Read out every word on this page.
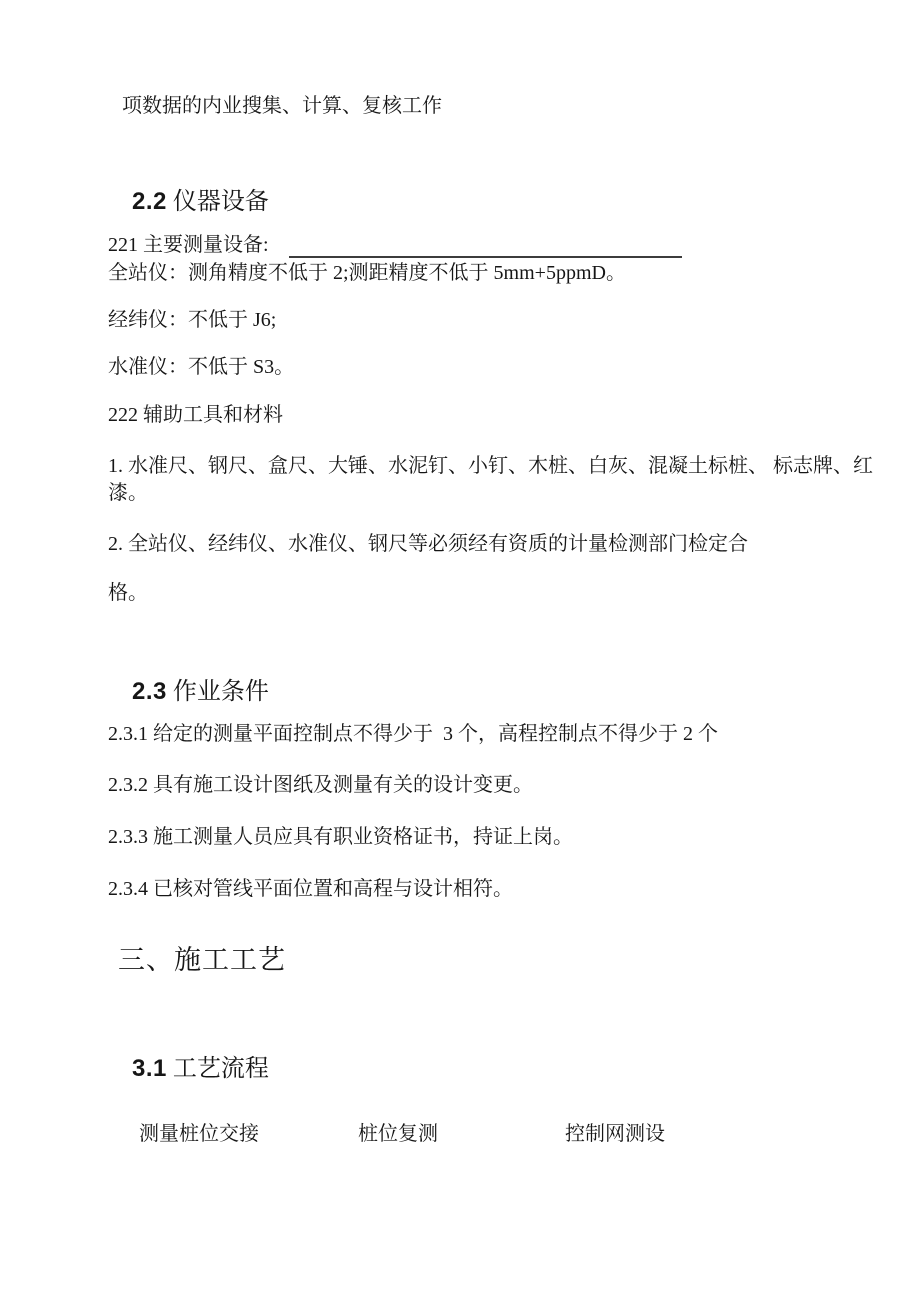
项数据的内业搜集、计算、复核工作

2.2 仪器设备

221 主要测量设备:
全站仪：测角精度不低于 2;测距精度不低于 5mm+5ppmD。
经纬仪：不低于 J6;
水准仪：不低于 S3。
222 辅助工具和材料
1. 水准尺、钢尺、盒尺、大锤、水泥钉、小钉、木桩、白灰、混凝土标桩、 标志牌、红
漆。
2. 全站仪、经纬仪、水准仪、钢尺等必须经有资质的计量检测部门检定合
格。

2.3 作业条件

2.3.1 给定的测量平面控制点不得少于  3 个，高程控制点不得少于 2 个
2.3.2 具有施工设计图纸及测量有关的设计变更。
2.3.3 施工测量人员应具有职业资格证书，持证上岗。
2.3.4 已核对管线平面位置和高程与设计相符。
三、施工工艺

3.1 工艺流程

测量桩位交接	桩位复测	控制网测设
